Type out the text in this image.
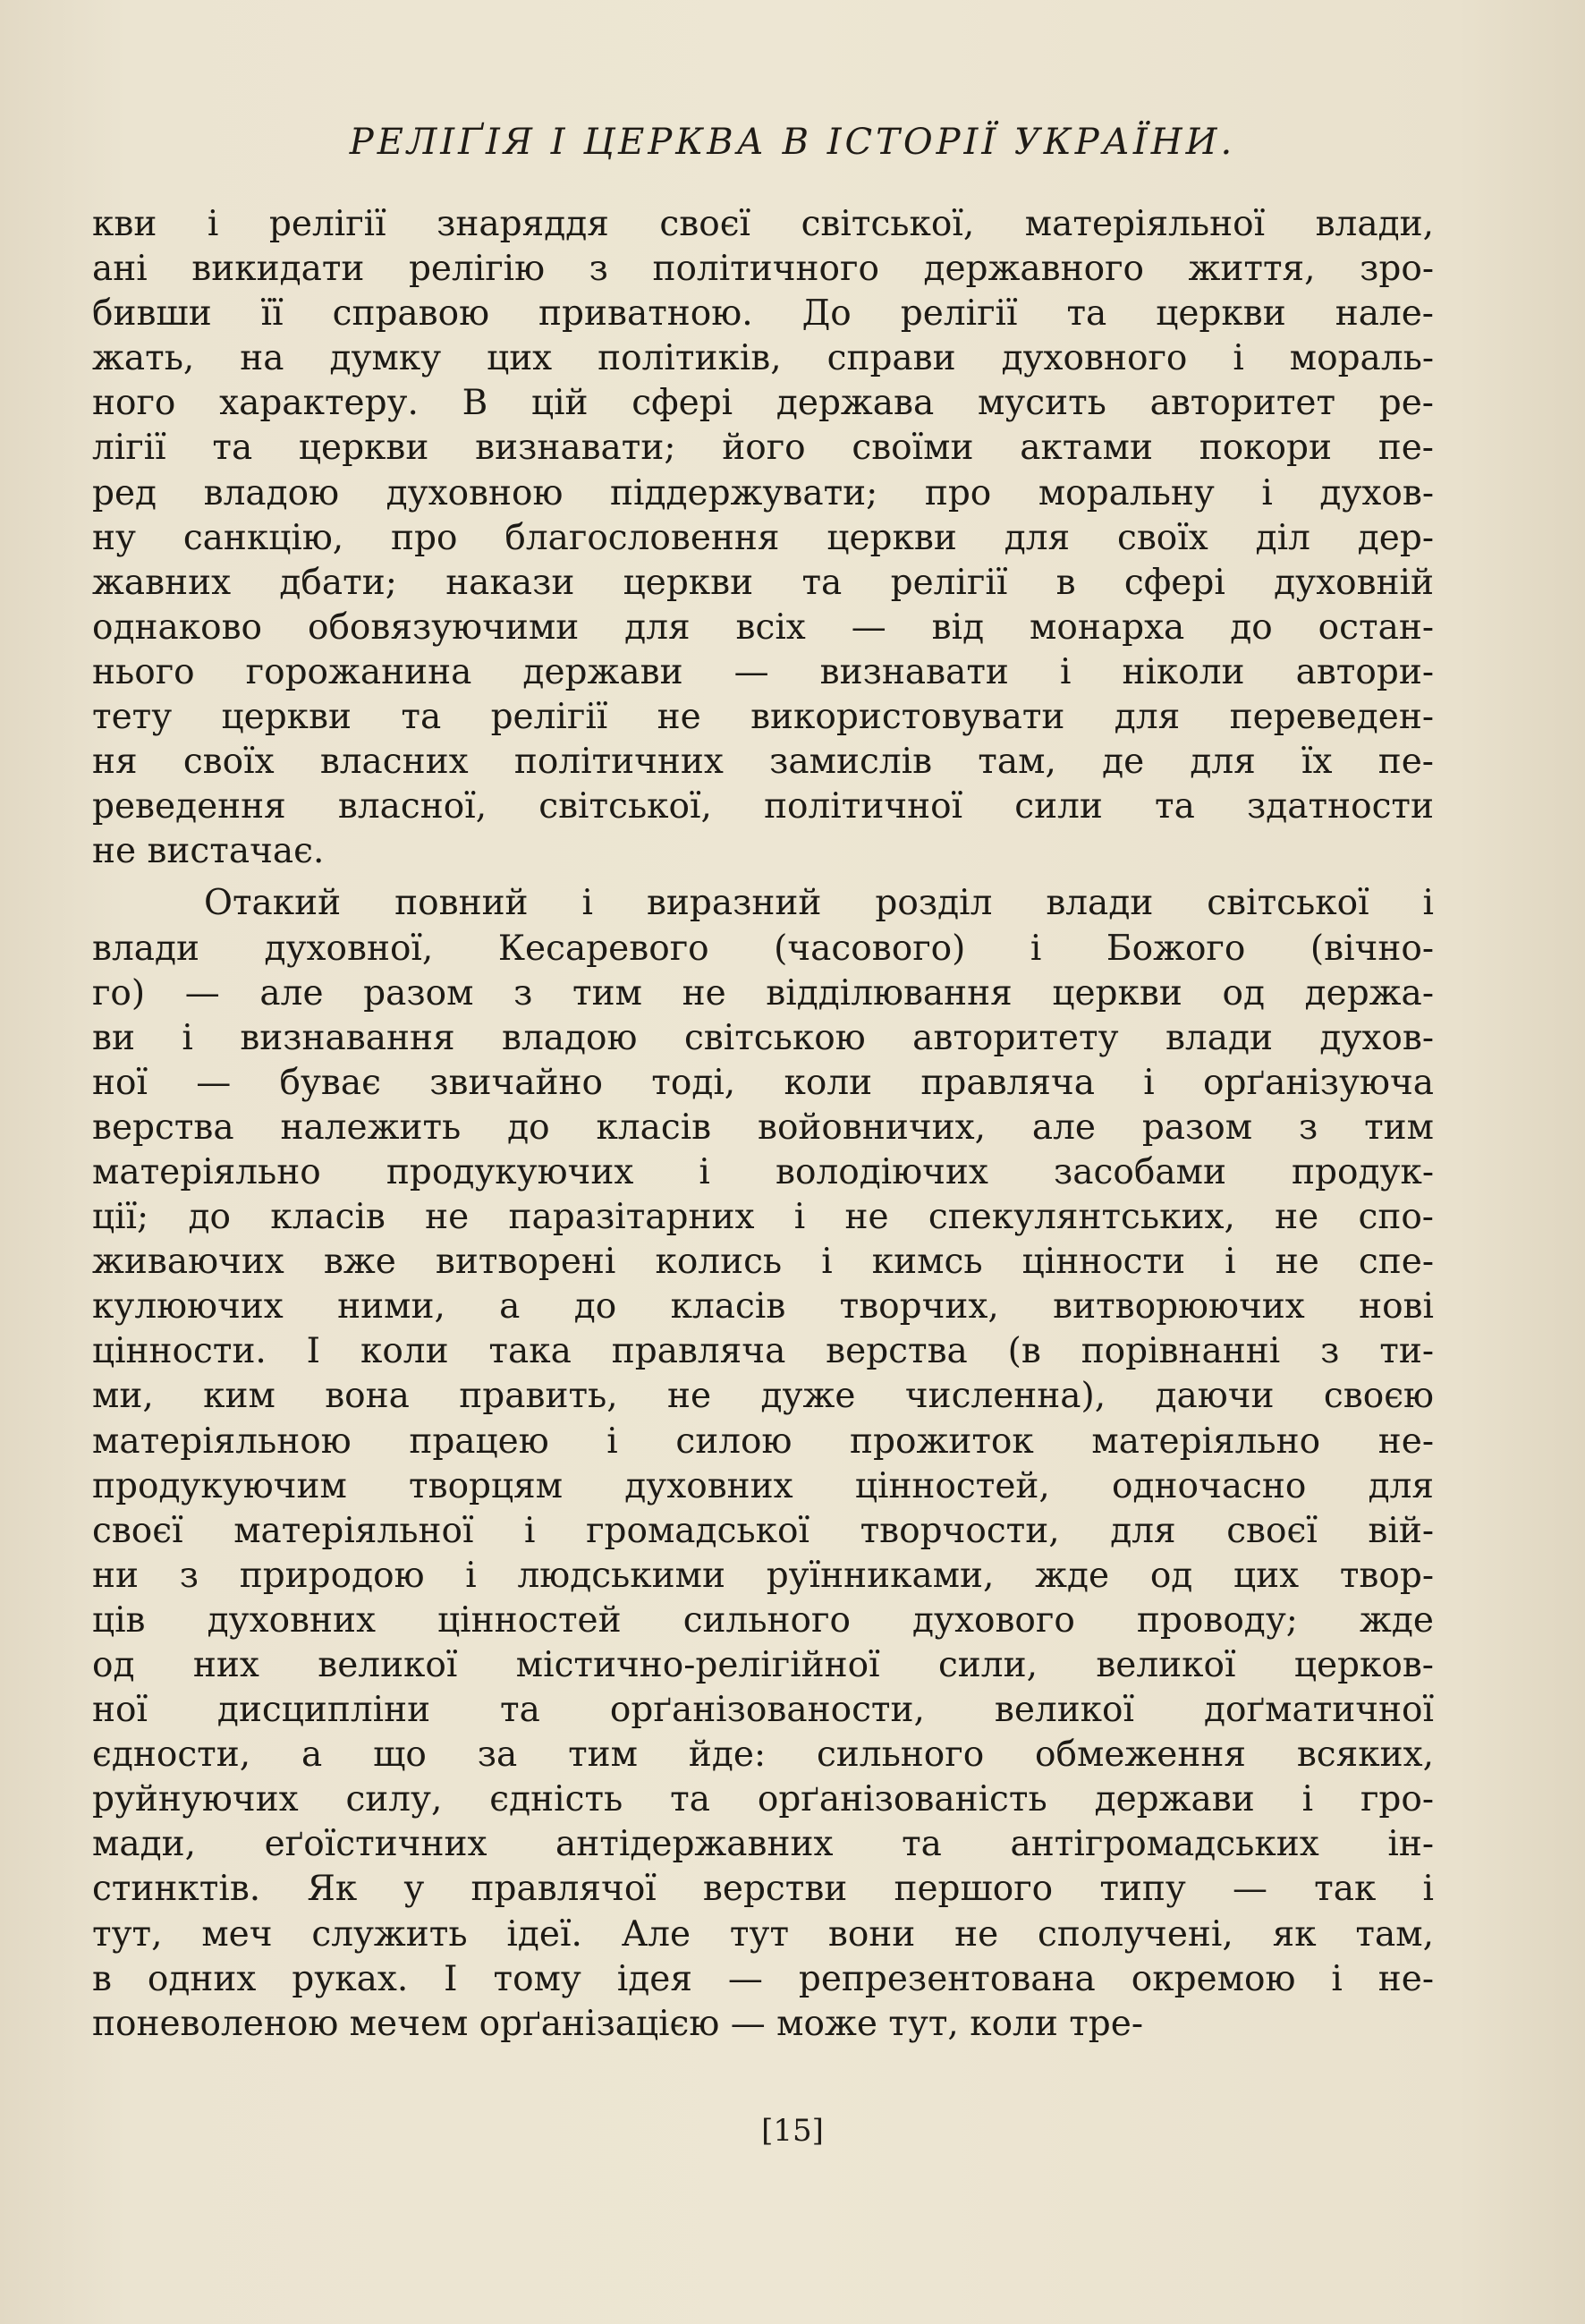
РЕЛІҐІЯ І ЦЕРКВА В ІСТОРІЇ УКРАЇНИ.
кви і релігії знаряддя своєї світської, матеріяльної влади,
ані викидати релігію з політичного державного життя, зро-
бивши її справою приватною. До релігії та церкви нале-
жать, на думку цих політиків, справи духовного і мораль-
ного характеру. В цій сфері держава мусить авторитет ре-
лігії та церкви визнавати; його своїми актами покори пе-
ред владою духовною піддержувати; про моральну і духов-
ну санкцію, про благословення церкви для своїх діл дер-
жавних дбати; накази церкви та релігії в сфері духовній
однаково обовязуючими для всіх — від монарха до остан-
нього горожанина держави — визнавати і ніколи автори-
тету церкви та релігії не використовувати для переведен-
ня своїх власних політичних замислів там, де для їх пе-
реведення власної, світської, політичної сили та здатности
не вистачає.
Отакий повний і виразний розділ влади світської і
влади духовної, Кесаревого (часового) і Божого (вічно-
го) — але разом з тим не відділювання церкви од держа-
ви і визнавання владою світською авторитету влади духов-
ної — буває звичайно тоді, коли правляча і орґанізуюча
верства належить до класів войовничих, але разом з тим
матеріяльно продукуючих і володіючих засобами продук-
ції; до класів не паразітарних і не спекулянтських, не спо-
живаючих вже витворені колись і кимсь цінности і не спе-
кулюючих ними, а до класів творчих, витворюючих нові
цінности. І коли така правляча верства (в порівнанні з ти-
ми, ким вона править, не дуже численна), даючи своєю
матеріяльною працею і силою прожиток матеріяльно не-
продукуючим творцям духовних цінностей, одночасно для
своєї матеріяльної і громадської творчости, для своєї вій-
ни з природою і людськими руїнниками, жде од цих твор-
ців духовних цінностей сильного духового проводу; жде
од них великої містично-релігійної сили, великої церков-
ної дисципліни та орґанізованости, великої доґматичної
єдности, а що за тим йде: сильного обмеження всяких,
руйнуючих силу, єдність та орґанізованість держави і гро-
мади, еґоїстичних антідержавних та антігромадських ін-
стинктів. Як у правлячої верстви першого типу — так і
тут, меч служить ідеї. Але тут вони не сполучені, як там,
в одних руках. І тому ідея — репрезентована окремою і не-
поневоленою мечем орґанізацією — може тут, коли тре-
[15]
